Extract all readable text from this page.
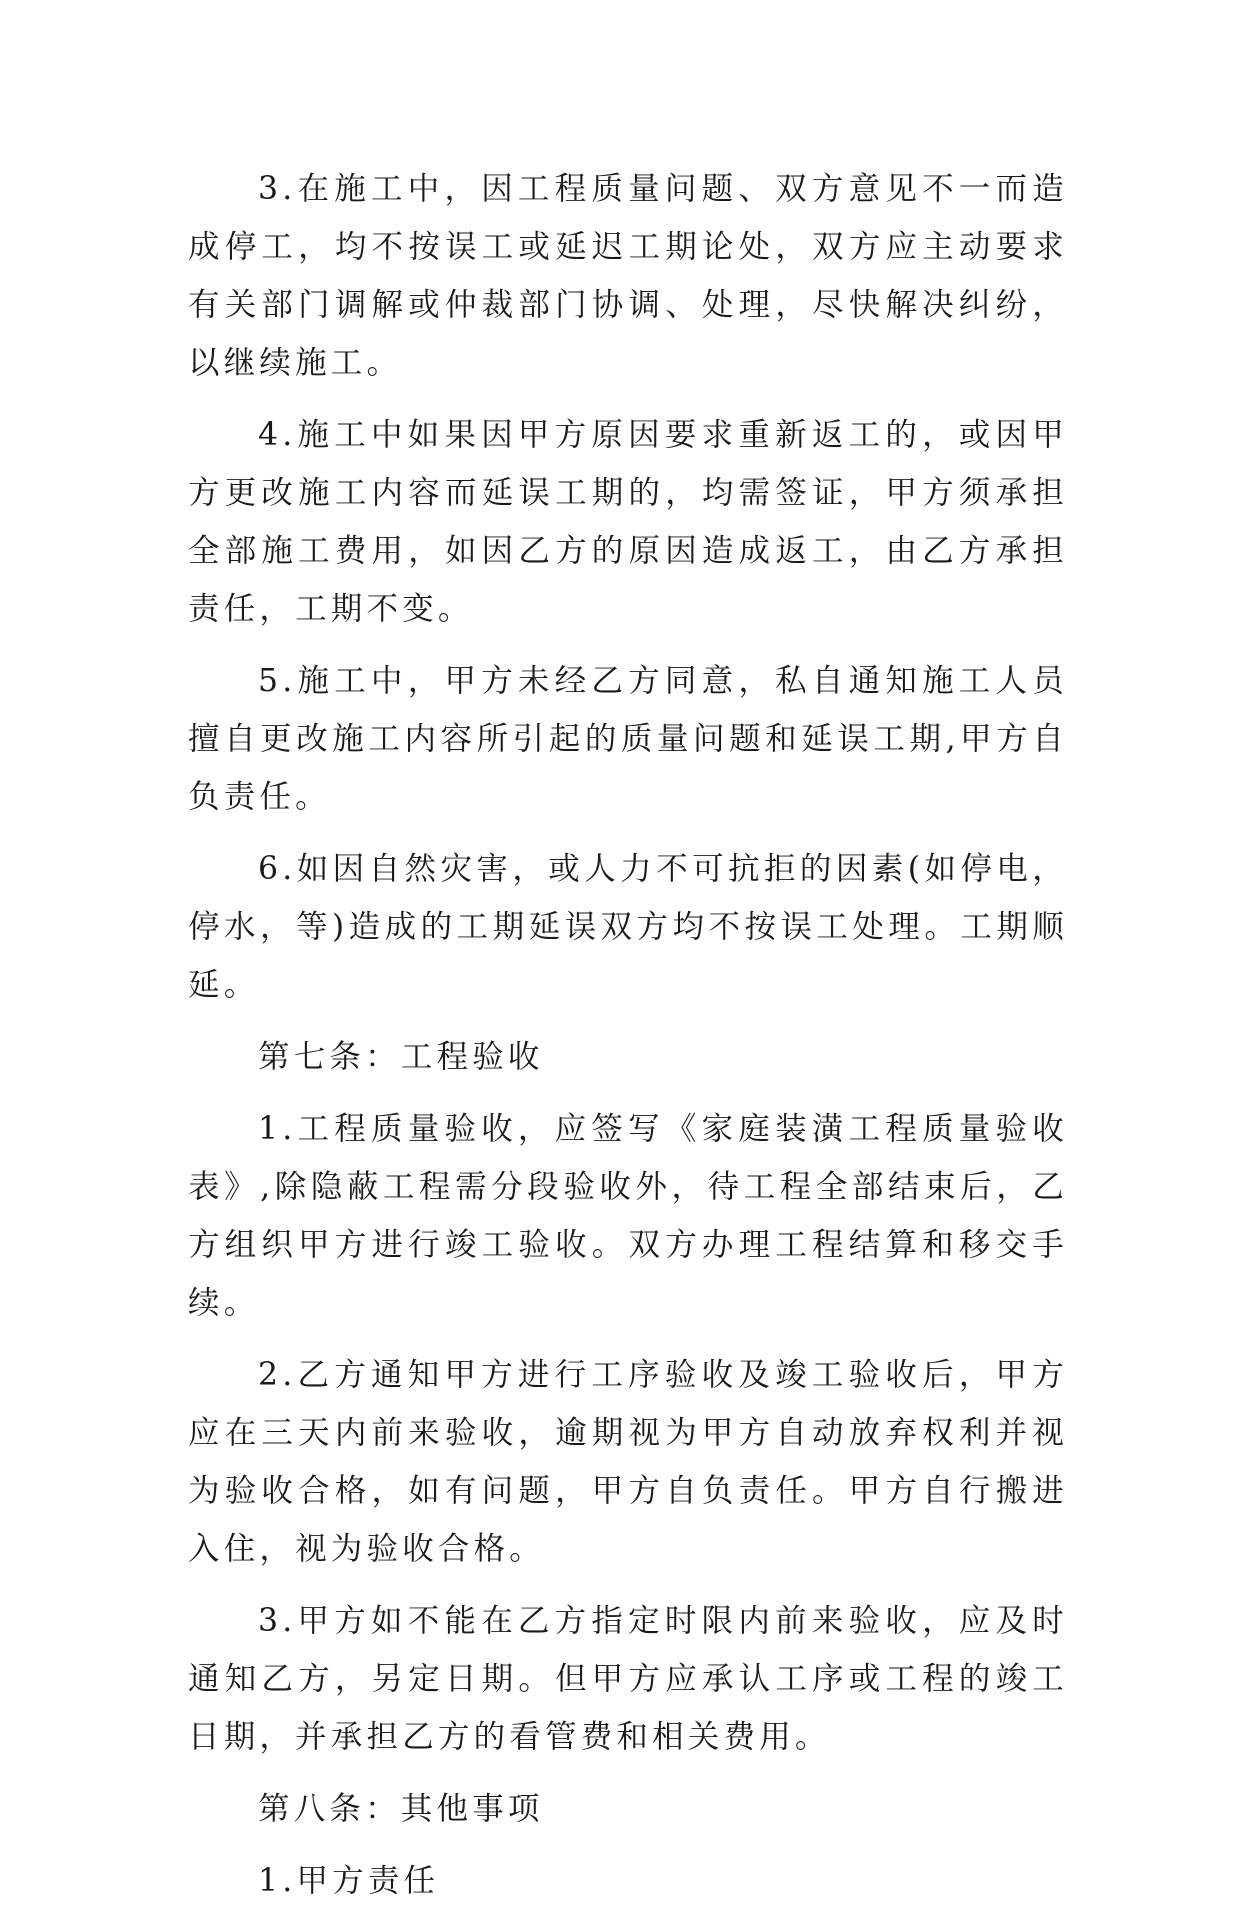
3.在施工中，因工程质量问题、双方意见不一而造成停工，均不按误工或延迟工期论处，双方应主动要求有关部门调解或仲裁部门协调、处理，尽快解决纠纷，以继续施工。

4.施工中如果因甲方原因要求重新返工的，或因甲方更改施工内容而延误工期的，均需签证，甲方须承担全部施工费用，如因乙方的原因造成返工，由乙方承担责任，工期不变。

5.施工中，甲方未经乙方同意，私自通知施工人员擅自更改施工内容所引起的质量问题和延误工期,甲方自负责任。

6.如因自然灾害，或人力不可抗拒的因素(如停电，停水，等)造成的工期延误双方均不按误工处理。工期顺延。

第七条：工程验收

1.工程质量验收，应签写《家庭装潢工程质量验收表》,除隐蔽工程需分段验收外，待工程全部结束后，乙方组织甲方进行竣工验收。双方办理工程结算和移交手续。

2.乙方通知甲方进行工序验收及竣工验收后，甲方应在三天内前来验收，逾期视为甲方自动放弃权利并视为验收合格，如有问题，甲方自负责任。甲方自行搬进入住，视为验收合格。

3.甲方如不能在乙方指定时限内前来验收，应及时通知乙方，另定日期。但甲方应承认工序或工程的竣工日期，并承担乙方的看管费和相关费用。

第八条：其他事项

1.甲方责任
